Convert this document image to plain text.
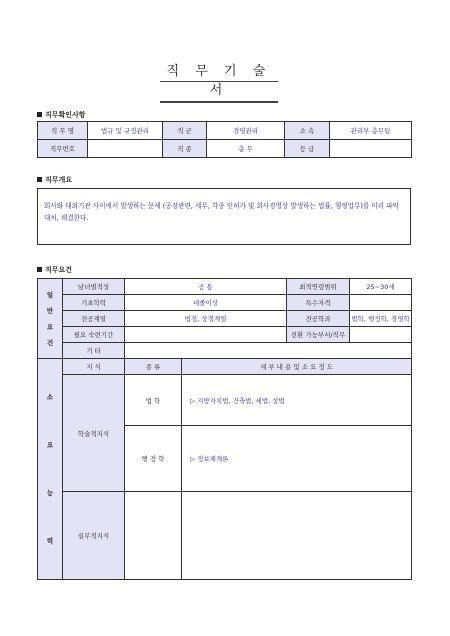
직 무 기 술 서
직무확인사항
직 무 명	법규 및 규정관리	직 군	경영관리	소 속	관리부 총무팀
직무번호		직 종	총 무	등 급	
직무개요
회사와 대외기관 사이에서 발생하는 문제 (공장관련, 세무, 각종 인허가 및 회사경영상 발생하는 법률, 행정업무)를 미리 파악 대처, 해결한다.
직무요건
일
반
요
건	남녀별적성	공 통		최적연령범위	25~30세
	기초학력	대졸이상		특수자격	
	전공계열	법정, 상경계열		전공학과	법학, 행정학, 경영학
	필요 숙련기간			전환 가능부서/직무	
	기 타				
소

요

능

력	지 식	종 류	세 부 내 용 및 소 요 정 도		
	학술적지식	법 학	▷ 지방자치법, 건축법, 세법, 상법		
		행 정 학	▷ 정보체계론		
	실무적지식				
